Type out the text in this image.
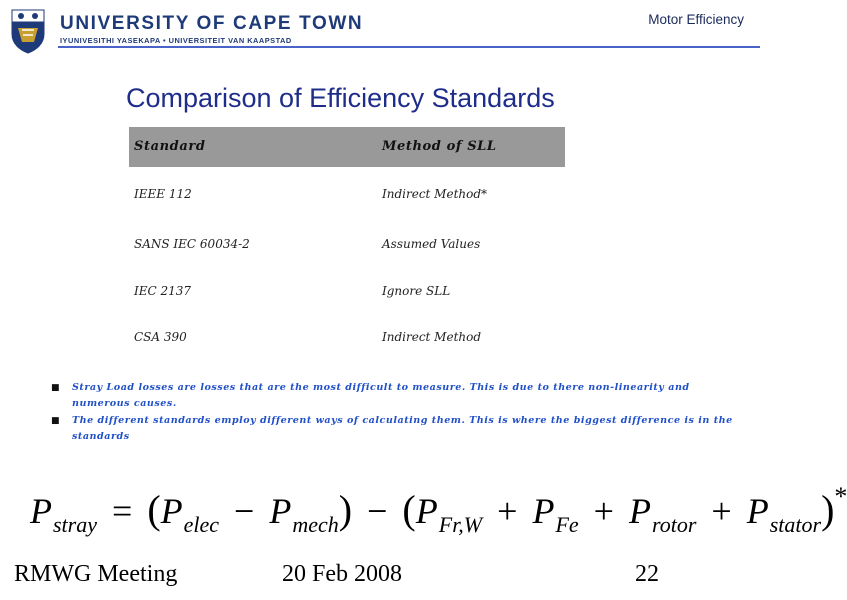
UNIVERSITY OF CAPE TOWN
IYUNIVESITHI YASEKAPA • UNIVERSITEIT VAN KAAPSTAD
Motor Efficiency
Comparison of Efficiency Standards
Standard	Method of SLL
IEEE 112	Indirect Method*
SANS IEC 60034-2	Assumed Values
IEC 2137	Ignore SLL
CSA 390	Indirect Method
■ Stray Load losses are losses that are the most difficult to measure. This is due to there non-linearity and numerous causes.
■ The different standards employ different ways of calculating them. This is where the biggest difference is in the standards
$P_{stray} = (P_{elec} - P_{mech}) - (P_{Fr,W} + P_{Fe} + P_{rotor} + P_{stator})^*$
RMWG Meeting	20 Feb 2008	22
